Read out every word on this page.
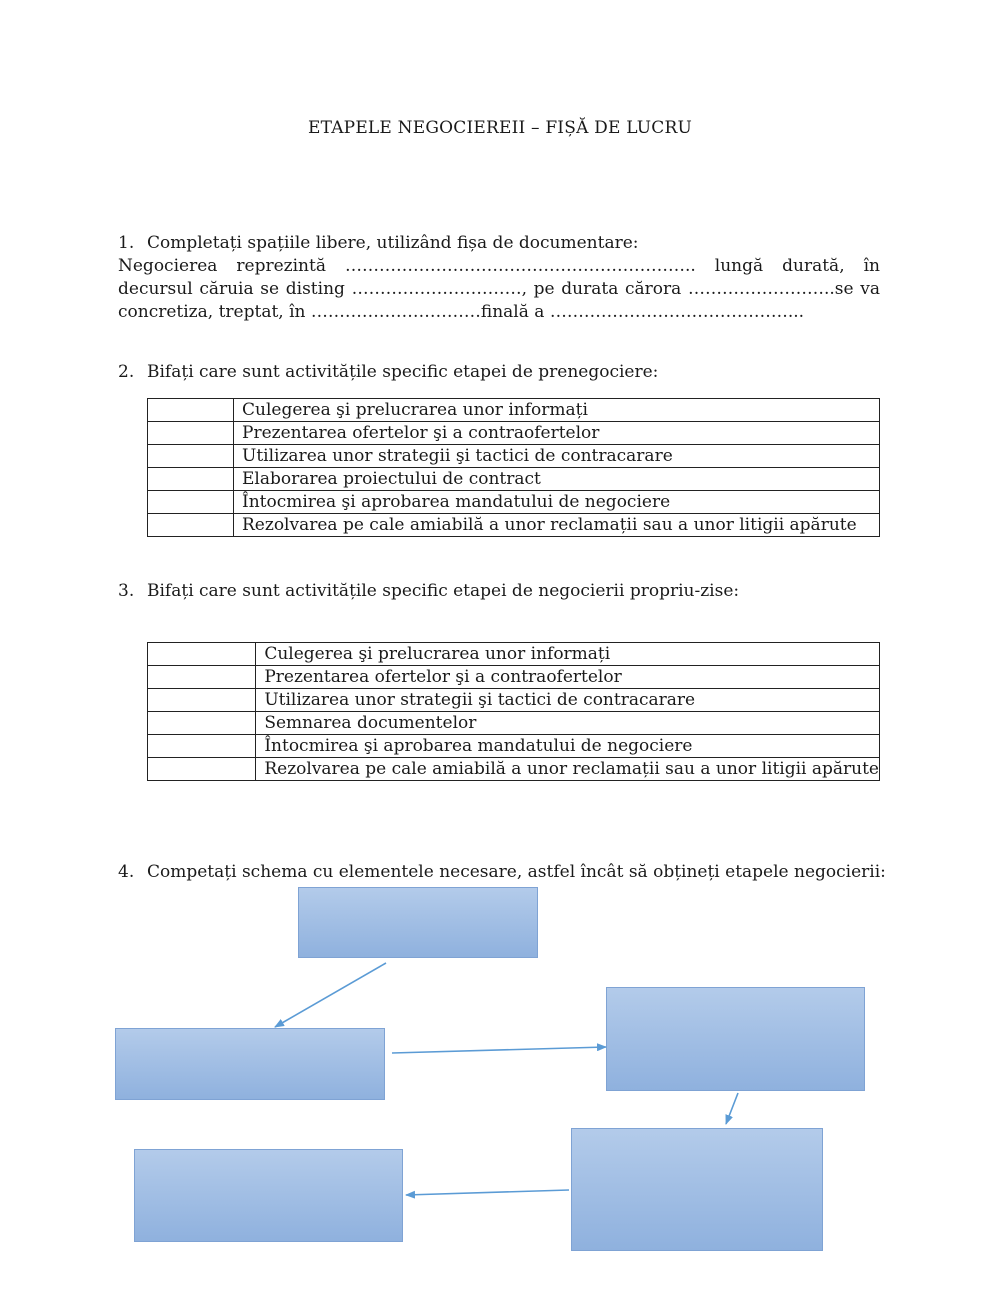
ETAPELE NEGOCIEREII – FIȘĂ DE LUCRU
1. Completați spațiile libere, utilizând fișa de documentare:

Negocierea reprezintă …………………………………………………….. lungă durată, în decursul căruia se disting …………………………, pe durata cărora ……………………..se va concretiza, treptat, în …………………………finală a ……………………………………...

2. Bifați care sunt activitățile specific etapei de prenegociere:
	Culegerea şi prelucrarea unor informați
	Prezentarea ofertelor şi a contraofertelor
	Utilizarea unor strategii şi tactici de contracarare
	Elaborarea proiectului de contract
	Întocmirea şi aprobarea mandatului de negociere
	Rezolvarea pe cale amiabilă a unor reclamații sau a unor litigii apărute
3. Bifați care sunt activitățile specific etapei de negocierii propriu-zise:
	Culegerea şi prelucrarea unor informați
	Prezentarea ofertelor şi a contraofertelor
	Utilizarea unor strategii şi tactici de contracarare
	Semnarea documentelor
	Întocmirea şi aprobarea mandatului de negociere
	Rezolvarea pe cale amiabilă a unor reclamații sau a unor litigii apărute
4. Competați schema cu elementele necesare, astfel încât să obțineți etapele negocierii:
